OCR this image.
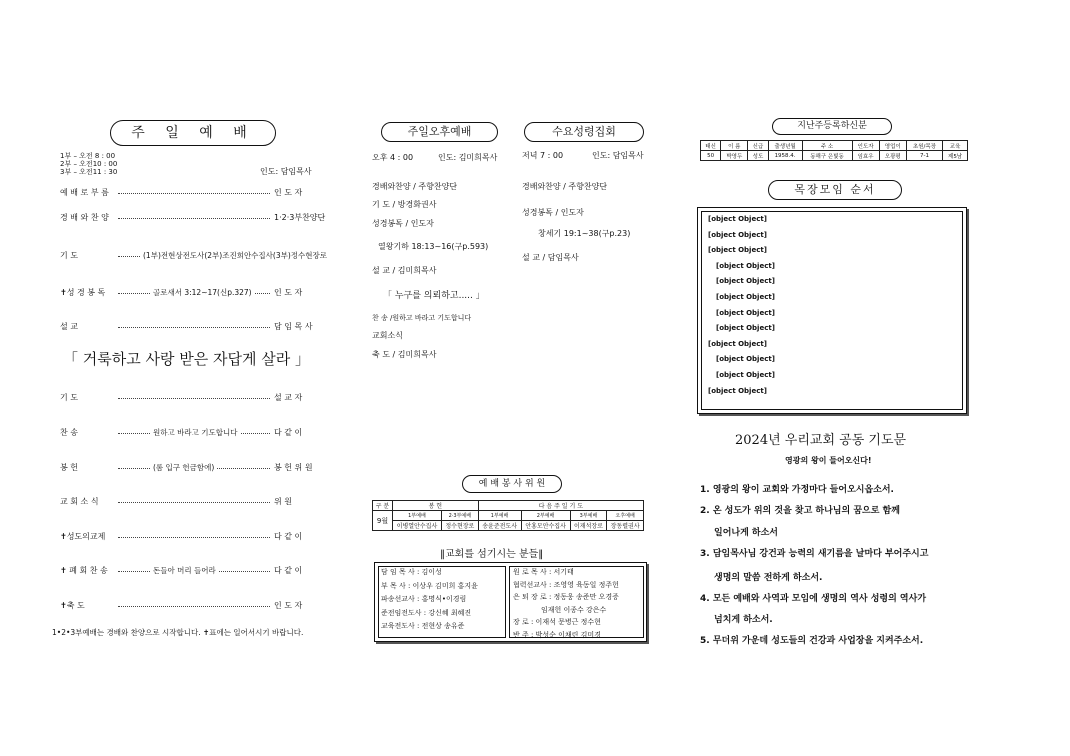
주 일 예 배
1부 – 오전 8 : 00
2부 – 오전10 : 00
3부 – 오전11 : 30	인도: 담임목사
「 거룩하고 사랑 받은 자답게 살라 」
1•2•3부예배는 경배와 찬양으로 시작합니다. ✝표에는 일어서시기 바랍니다.
주일오후예배
오후 4 : 00	인도: 김미희목사
수요성령집회
저녁 7 : 00	인도: 담임목사
예 배 봉 사 위 원
구 분	봉 헌		다 음 주 일 기 도			
9월	1부예배	2·3부예배	1부예배	2부예배	3부예배	오후예배
	이병열안수집사	정수현장로	송윤준전도사	안홍모안수집사	이재석장로	장동렬권사
‖교회를 섬기시는 분들‖
지난주등록하신분
태신	이 름	신급	출생년월	주 소	인도자	영업이	초원/목장	교육
50	박영두	성도	1958.4.	동해구 은빛동	임효우	오광평	7-1	제5남
목장모임 순서
2024년 우리교회 공동 기도문
영광의 왕이 들어오신다!
예 배 로 부 름	인 도 자
경 배 와 찬 양	1·2·3부찬양단
기 도	(1부)전현상전도사(2부)조진희안수집사(3부)정수현장로
✝성 경 봉 독	골로새서 3:12~17(신p.327)	인 도 자
설 교	담 임 목 사
기 도	설 교 자
찬 송	원하고 바라고 기도합니다	다 같 이
봉 헌	(롬 입구 헌금함에)	봉 헌 위 원
교 회 소 식	위 원
✝성도의교제	다 같 이
✝ 폐 회 찬 송	돈들아 머리 들어라	다 같 이
✝축 도	인 도 자
경배와찬양 / 주향찬양단
기 도 / 방경화권사
성경봉독 / 인도자
열왕기하 18:13~16(구p.593)
설 교 / 김미희목사
「 누구를 의뢰하고..... 」
찬 송 /원하고 바라고 기도합니다
교회소식
축 도 / 김미희목사
경배와찬양 / 주향찬양단
성경봉독 / 인도자
창세기 19:1~38(구p.23)
설 교 / 담임목사
담 임 목 사 : 김이성
부 목 사 : 이상우 김미희 홍지윤
파송선교사 : 홍명식•이경림
준전임전도사 : 강신혜 최혜진
교육전도사 : 전현상 송유준
원 로 목 사 : 서기태
협력선교사 : 조영영 육동일 정주헌
은 퇴 장 로 : 정동웅 송준만 오경증
임재헌 이종수 강은수
장 로 : 이재석 문병근 정수현
반 주 : 박성순 이채린 김미경
[object Object]
[object Object]
[object Object]
[object Object]
[object Object]
[object Object]
[object Object]
[object Object]
[object Object]
[object Object]
[object Object]
[object Object]
1. 영광의 왕이 교회와 가정마다 들어오시옵소서.
2. 온 성도가 위의 것을 찾고 하나님의 꿈으로 함께
일어나게 하소서
3. 담임목사님 강건과 능력의 새기름을 날마다 부어주시고
생명의 말씀 전하게 하소서.
4. 모든 예배와 사역과 모임에 생명의 역사 성령의 역사가
넘치게 하소서.
5. 무더위 가운데 성도들의 건강과 사업장을 지켜주소서.
